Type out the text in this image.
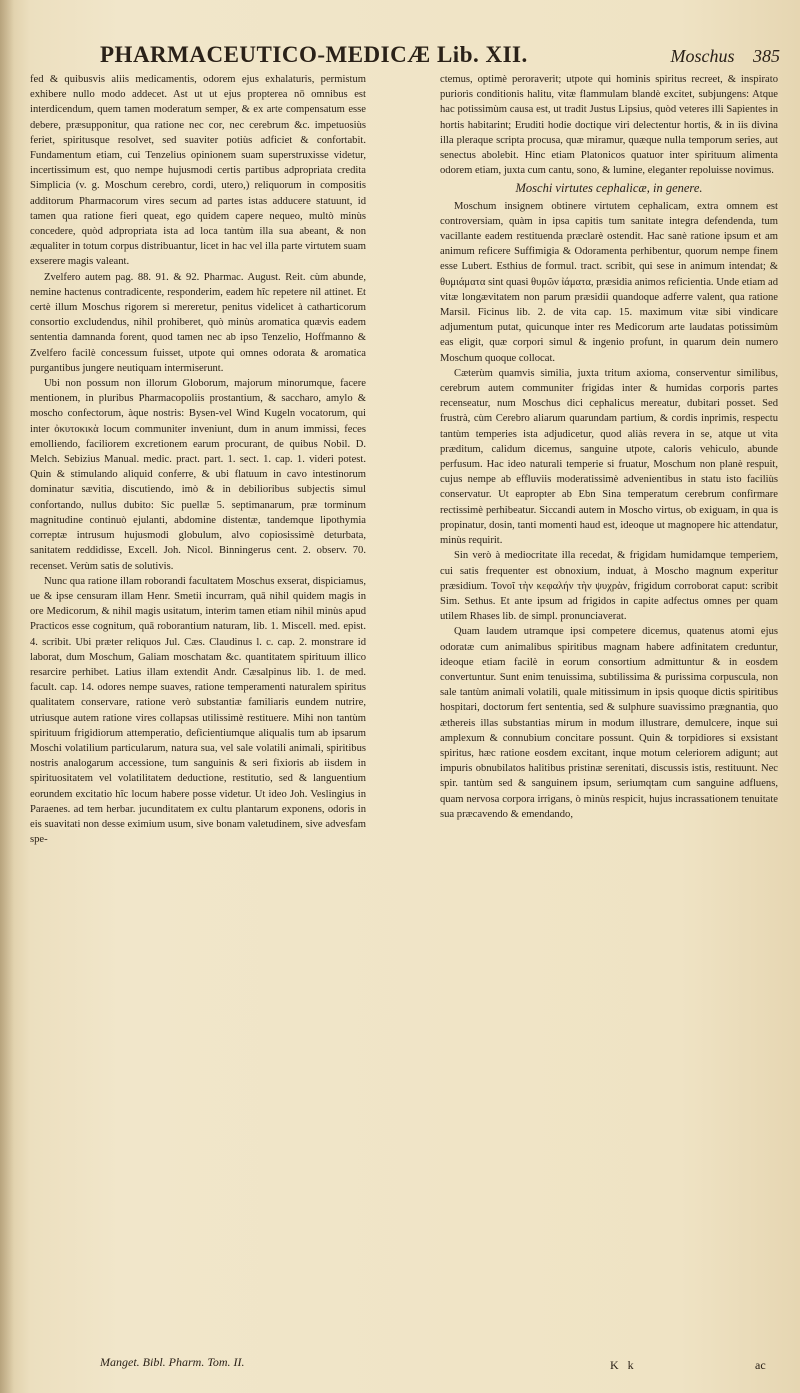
PHARMACEUTICO-MEDICÆ Lib. XII.	Moschus 385

fed & quibusvis aliis medicamentis, odorem ejus exhalaturis, permistum exhibere nullo modo addecet. Ast ut ut ejus propterea nō omnibus est interdicendum, quem tamen moderatum semper, & ex arte compensatum esse debere, præsupponitur, qua ratione nec cor, nec cerebrum &c. impetuosiùs feriet, spiritusque resolvet, sed suaviter potiùs adficiet & confortabit. Fundamentum etiam, cui Tenzelius opinionem suam superstruxisse videtur, incertissimum est, quo nempe hujusmodi certis partibus adpropriata credita Simplicia (v. g. Moschum cerebro, cordi, utero,) reliquorum in compositis additorum Pharmacorum vires secum ad partes istas adducere statuunt, id tamen qua ratione fieri queat, ego quidem capere nequeo, multò minùs concedere, quòd adpropriata ista ad loca tantùm illa sua abeant, & non æqualiter in totum corpus distribuantur, licet in hac vel illa parte virtutem suam exserere magis valeant.

Zvelfero autem pag. 88. 91. & 92. Pharmac. August. Reit. cùm abunde, nemine hactenus contradicente, responderim, eadem hîc repetere nil attinet. Et certè illum Moschus rigorem si mereretur, penitus videlicet à catharticorum consortio excludendus, nihil prohiberet, quò minùs aromatica quævis eadem sententia damnanda forent, quod tamen nec ab ipso Tenzelio, Hoffmanno & Zvelfero facilè concessum fuisset, utpote qui omnes odorata & aromatica purgantibus jungere neutiquam intermiserunt.

Ubi non possum non illorum Globorum, majorum minorumque, facere mentionem, in pluribus Pharmacopoliis prostantium, & saccharo, amylo & moscho confectorum, àque nostris: Bysen-vel Wind Kugeln vocatorum, qui inter ὀκυτοκικὰ locum communiter inveniunt, dum in anum immissi, feces emolliendo, faciliorem excretionem earum procurant, de quibus Nobil. D. Melch. Sebizius Manual. medic. pract. part. 1. sect. 1. cap. 1. videri potest. Quin & stimulando aliquid conferre, & ubi flatuum in cavo intestinorum dominatur sævitia, discutiendo, imò & in debilioribus subjectis simul confortando, nullus dubito: Sic puellæ 5. septimanarum, præ torminum magnitudine continuò ejulanti, abdomine distentæ, tandemque lipothymia correptæ intrusum hujusmodi globulum, alvo copiosissimè deturbata, sanitatem reddidisse, Excell. Joh. Nicol. Binningerus cent. 2. observ. 70. recenset. Verùm satis de solutivis.

Nunc qua ratione illam roborandi facultatem Moschus exserat, dispiciamus, ue & ipse censuram illam Henr. Smetii incurram, quā nihil quidem magis in ore Medicorum, & nihil magis usitatum, interim tamen etiam nihil minùs apud Practicos esse cognitum, quā roborantium naturam, lib. 1. Miscell. med. epist. 4. scribit. Ubi præter reliquos Jul. Cæs. Claudinus l. c. cap. 2. monstrare id laborat, dum Moschum, Galiam moschatam &c. quantitatem spirituum illico resarcire perhibet. Latius illam extendit Andr. Cæsalpinus lib. 1. de med. facult. cap. 14. odores nempe suaves, ratione temperamenti naturalem spiritus qualitatem conservare, ratione verò substantiæ familiaris eundem nutrire, utriusque autem ratione vires collapsas utilissimè restituere. Mihi non tantùm spirituum frigidiorum attemperatio, deficientiumque aliqualis tum ab ipsarum Moschi volatilium particularum, natura sua, vel sale volatili animali, spiritibus nostris analogarum accessione, tum sanguinis & seri fixioris ab iisdem in spirituositatem vel volatilitatem deductione, restitutio, sed & languentium eorundem excitatio hîc locum habere posse videtur. Ut ideo Joh. Veslingius in Paraenes. ad tem herbar. jucunditatem ex cultu plantarum exponens, odoris in eis suavitati non desse eximium usum, sive bonam valetudinem, sive advesfam spe-

ctemus, optimè peroraverit; utpote qui hominis spiritus recreet, & inspirato puriorìs conditionis halitu, vitæ flammulam blandè excitet, subjungens: Atque hac potissimùm causa est, ut tradit Justus Lipsius, quòd veteres illi Sapientes in hortis habitarint; Eruditi hodie doctique viri delectentur hortis, & in iis divina illa pleraque scripta procusa, quæ miramur, quæque nulla temporum series, aut senectus abolebit. Hinc etiam Platonicos quatuor inter spirituum alimenta odorem etiam, juxta cum cantu, sono, & lumine, eleganter repoluisse novimus.

Moschi virtutes cephalicæ, in genere.

Moschum insignem obtinere virtutem cephalicam, extra omnem est controversiam, quàm in ipsa capitis tum sanitate integra defendenda, tum vacillante eadem restituenda præclarè ostendit. Hac sanè ratione ipsum et am animum reficere Suffimigia & Odoramenta perhibentur, quorum nempe finem esse Lubert. Esthius de formul. tract. scribit, qui sese in animum intendat; & θυμιάματα sint quasi θυμῶν ἰάματα, præsidia animos reficientia. Unde etiam ad vitæ longævitatem non parum præsidii quandoque adferre valent, qua ratione Marsil. Ficinus lib. 2. de vita cap. 15. maximum vitæ sibi vindicare adjumentum putat, quicunque inter res Medicorum arte laudatas potissimùm eas eligit, quæ corpori simul & ingenio profunt, in quarum dein numero Moschum quoque collocat.

Cæterùm quamvis similia, juxta tritum axioma, conserventur similibus, cerebrum autem communiter frigidas inter & humidas corporis partes recenseatur, num Moschus dici cephalicus mereatur, dubitari posset. Sed frustrà, cùm Cerebro aliarum quarundam partium, & cordis inprimis, respectu tantùm temperies ista adjudicetur, quod aliàs revera in se, atque ut vita præditum, calidum dicemus, sanguine utpote, caloris vehiculo, abunde perfusum. Hac ideo naturali temperie si fruatur, Moschum non planè respuit, cujus nempe ab effluviis moderatissimè advenientibus in statu isto faciliùs conservatur. Ut eapropter ab Ebn Sina temperatum cerebrum confirmare rectissimè perhibeatur. Siccandi autem in Moscho virtus, ob exiguam, in qua is propinatur, dosin, tanti momenti haud est, ideoque ut magnopere hic attendatur, minùs requirit.

Sin verò à mediocritate illa recedat, & frigidam humidamque temperiem, cui satis frequenter est obnoxium, induat, à Moscho magnum experitur præsidium. Τονοῖ τὴν κεφαλήν τὴν ψυχρὰν, frigidum corroborat caput: scribit Sim. Sethus. Et ante ipsum ad frigidos in capite adfectus omnes per quam utilem Rhases lib. de simpl. pronunciaverat.

Quam laudem utramque ipsi competere dicemus, quatenus atomi ejus odoratæ cum animalibus spiritibus magnam habere adfinitatem creduntur, ideoque etiam facilè in eorum consortium admittuntur & in eosdem convertuntur. Sunt enim tenuissima, subtilissima & purissima corpuscula, non sale tantùm animali volatili, quale mitissimum in ipsis quoque dictis spiritibus hospitari, doctorum fert sententia, sed & sulphure suavissimo prægnantia, quo æthereis illas substantias mirum in modum illustrare, demulcere, inque sui amplexum & connubium concitare possunt. Quin & torpidiores si exsistant spiritus, hæc ratione eosdem excitant, inque motum celeriorem adigunt; aut impuris obnubilatos halitibus pristinæ serenitati, discussis istis, restituunt. Nec spir. tantùm sed & sanguinem ipsum, seriumqtam cum sanguine adfluens, quam nervosa corpora irrigans, ò minùs respicit, hujus incrassationem tenuitate sua præcavendo & emendando,

Manget. Bibl. Pharm. Tom. II.	K k	ac
